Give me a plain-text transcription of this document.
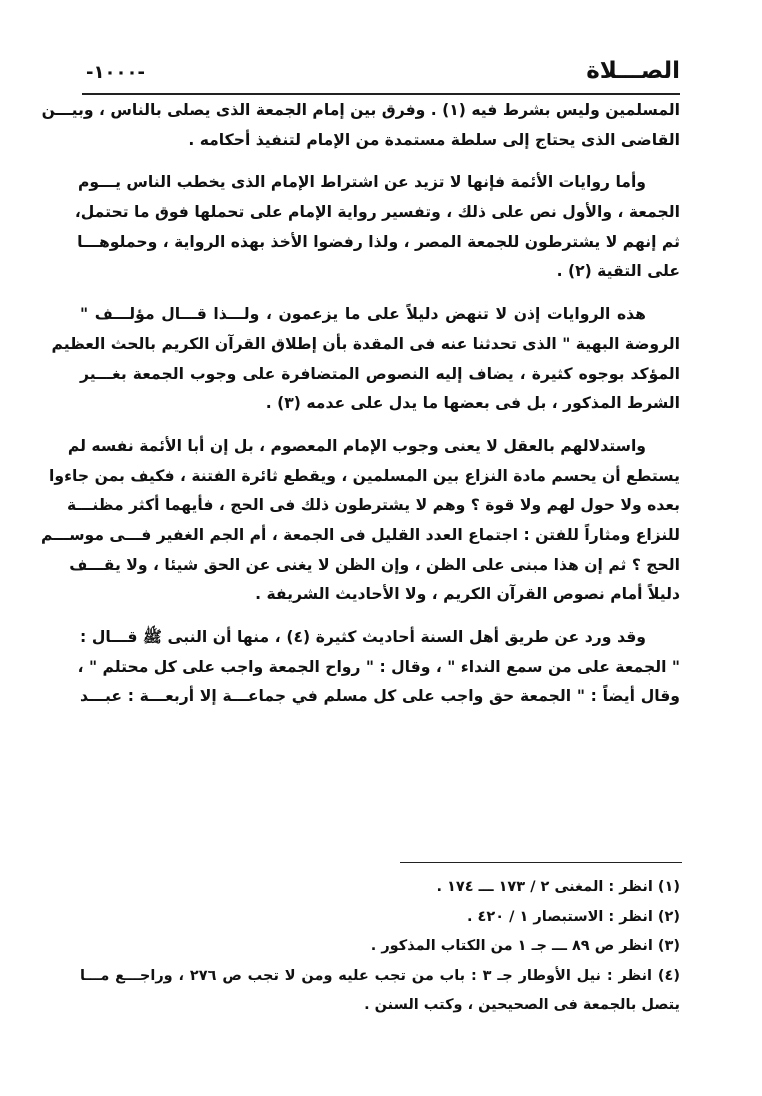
الصـــلاة
-١٠٠٠-
المسلمين وليس بشرط فيه (١) . وفرق بين إمام الجمعة الذى يصلى بالناس ، وبيـــن
القاضى الذى يحتاج إلى سلطة مستمدة من الإمام لتنفيذ أحكامه .
وأما روايات الأئمة فإنها لا تزيد عن اشتراط الإمام الذى يخطب الناس يـــوم
الجمعة ، والأول نص على ذلك ، وتفسير رواية الإمام على تحملها فوق ما تحتمل،
ثم إنهم لا يشترطون للجمعة المصر ، ولذا رفضوا الأخذ بهذه الرواية ، وحملوهـــا
على التقية (٢) .
هذه الروايات إذن لا تنهض دليلاً على ما يزعمون ، ولـــذا قـــال مؤلـــف "
الروضة البهية " الذى تحدثنا عنه فى المقدة بأن إطلاق القرآن الكريم بالحث العظيم
المؤكد بوجوه كثيرة ، يضاف إليه النصوص المتضافرة على وجوب الجمعة بغـــير
الشرط المذكور ، بل فى بعضها ما يدل على عدمه (٣) .
واستدلالهم بالعقل لا يعنى وجوب الإمام المعصوم ، بل إن أبا الأئمة نفسه لم
يستطع أن يحسم مادة النزاع بين المسلمين ، ويقطع ثائرة الفتنة ، فكيف بمن جاءوا
بعده ولا حول لهم ولا قوة ؟ وهم لا يشترطون ذلك فى الحج ، فأيهما أكثر مظنـــة
للنزاع ومثاراً للفتن : اجتماع العدد القليل فى الجمعة ، أم الجم الغفير فـــى موســـم
الحج ؟ ثم إن هذا مبنى على الظن ، وإن الظن لا يغنى عن الحق شيئا ، ولا يقـــف
دليلاً أمام نصوص القرآن الكريم ، ولا الأحاديث الشريفة .
وقد ورد عن طريق أهل السنة أحاديث كثيرة (٤) ، منها أن النبى ﷺ قـــال :
" الجمعة على من سمع النداء " ، وقال : " رواح الجمعة واجب على كل محتلم " ،
وقال أيضاً : " الجمعة حق واجب على كل مسلم في جماعـــة إلا أربعـــة : عبـــد
(١) انظر : المغنى ٢ / ١٧٣ ـــ ١٧٤ .
(٢) انظر : الاستبصار ١ / ٤٢٠ .
(٣) انظر ص ٨٩ ـــ جـ ١ من الكتاب المذكور .
(٤) انظر : نيل الأوطار جـ ٣ : باب من تجب عليه ومن لا تجب ص ٢٧٦ ، وراجـــع مـــا
يتصل بالجمعة فى الصحيحين ، وكتب السنن .
